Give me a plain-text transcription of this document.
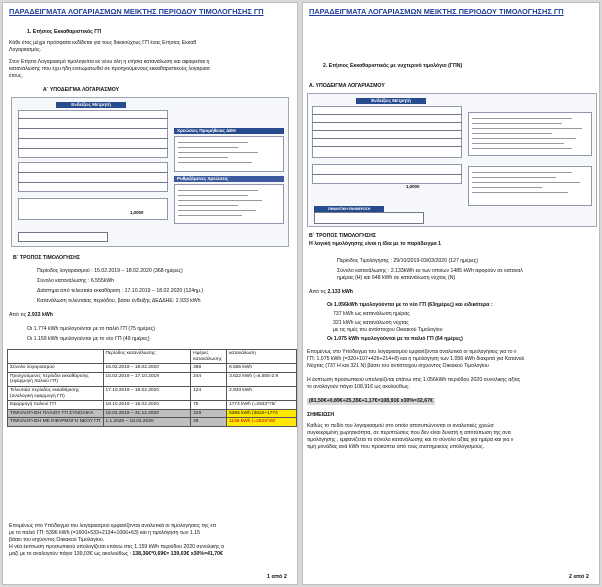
ΠΑΡΑΔΕΙΓΜΑΤΑ ΛΟΓΑΡΙΑΣΜΩΝ ΜΕΙΚΤΗΣ ΠΕΡΙΟΔΟΥ ΤΙΜΟΛΟΓΗΣΗΣ ΓΠ
1. Ετήσιος Εκκαθαριστικός ΓΠ
Κάθε έτος μέχρι πρόσφατα εκδίδεται για τους δικαιούχους ΓΠ ένας Ετήσιος Εκκαθ
Λογαριασμός.
Στον Ετήσιο Λογαριασμό τιμολογείται εκ νέου όλη η ετήσια κατανάλωση και αφαιρείται η
κατανάλωσης που έχει ήδη ενσωματωθεί σε προηγούμενους εκκαθαριστικούς λογαριασ
έτους.
Α΄ ΥΠΟΔΕΙΓΜΑ ΛΟΓΑΡΙΑΣΜΟΥ
Ενδείξεις Μετρητή
Χρεώσεις Προμήθειας ΔΕΗ
Ρυθμιζόμενες Χρεώσεις
1,0000
Β΄ ΤΡΟΠΟΣ ΤΙΜΟΛΟΓΗΣΗΣ
• Περίοδος λογαριασμού : 15.02.2019 – 18.02.2020 (368 ημέρες)
• Σύνολο κατανάλωσης : 6.555kWh
• Διάστημα από τελευταία εκκαθάριση : 17.10.2019 – 18.02.2020 (124ημ.)
• Κατανάλωση τελευταίας περιόδου, βάσει ένδειξης ΔΕΔΔΗΕ: 2.933 kWh
Από τις 2.933 kWh
• Οι 1.774 kWh τιμολογούνται με το παλιό ΓΠ (75 ημέρες)
• Οι 1.159 kWh τιμολογούνται με το νέο ΓΠ (49 ημέρες)
	Περίοδος κατανάλωσης	Ημέρες κατανάλωσης	κατανάλωση
Σύνολο λογαριασμού	15.02.2019 – 18.02.2020	368	6.555 kWh
Προηγούμενες περίοδοι εκκαθάρισης (εφαρμογή παλιού ΓΠ)	15.02.2019 – 17.10.2019	244	3.622 kWh (=6.555-2.9
Τελευταία περίοδος εκκαθάρισης (αναλογική εφαρμογή ΓΠ)	17.10.2019 – 18.02.2020	124	2.933 kWh
Εφαρμογή παλιού ΓΠ	18.10.2019 – 18.02.2020	75	1774 kWh (=2933*75/
ΤΙΜΟΛΟΓΗΣΗ ΠΑΛΙΟΥ ΓΠ ΣΥΝΟΛΙΚΑ	15.02.2019 – 31.12.2020	319	5396 kWh (3622+1774
ΤΙΜΟΛΟΓΗΣΗ ΜΕ ΕΦΑΡΜΟΓΗ ΝΕΟΥ ΓΠ	1.1.2020 – 18.02.2020	49	1159 kWh (=2933*49/
Επομένως στο Υπόδειγμα του λογαριασμού εμφανίζονται αναλυτικά οι τιμολογήσεις της επ
με το παλιό ΓΠ: 5396 kWh (=1600+533+2134+1066+63) και η τιμολόγηση των 1.15
βάσει του ισχύοντος Οικιακού Τιμολογίου.
Η νέα έκπτωση προσωπικού υπολογίζεται επάνω στις 1.159 kWh περιόδου 2020 συνολικής α
μαζί με το αναλογούν πάγιο 139,03€ ως ακολούθως : 138,36€*0,69€= 139,03€ x30%=41,70€
1 από 2
ΠΑΡΑΔΕΙΓΜΑΤΑ ΛΟΓΑΡΙΑΣΜΩΝ ΜΕΙΚΤΗΣ ΠΕΡΙΟΔΟΥ ΤΙΜΟΛΟΓΗΣΗΣ ΓΠ
2. Ετήσιος Εκκαθαριστικός με νυχτερινό τιμολόγιο (ΓΠΝ)
Α. ΥΠΟΔΕΙΓΜΑ ΛΟΓΑΡΙΑΣΜΟΥ
Ενδείξεις Μετρητή
1,0000
ΣΗΜΑΝΤΙΚΗ ΕΝΗΜΕΡΩΣΗ
Β΄ ΤΡΟΠΟΣ ΤΙΜΟΛΟΓΗΣΗΣ
Η λογική τιμολόγησης είναι η ίδια με το παράδειγμα 1
• Περίοδος Τιμολόγησης : 29/10/2019-03/03/2020 (127 ημέρες)
• Σύνολο κατανάλωσης : 2.133kWh εκ των οποίων 1485 kWh αφορούν σε καταναλ
ημέρας (Η) και 648 kWh σε κατανάλωση νύχτας (Ν)
Από τις 2.133 kWh
• Οι 1.056kWh τιμολογούνται με το νέο ΓΠ (63ημέρες) και ειδικότερα :
737 kWh ως κατανάλωση ημέρας
321 kWh ως κατανάλωση νύχτας
με τις τιμές του αντίστοιχου Οικιακού Τιμολογίου
• Οι 1.075 kWh τιμολογούνται με το παλιό ΓΠ (64 ημέρες)
Επομένως στο Υπόδειγμα του λογαριασμού εμφανίζονται αναλυτικά οι τιμολογήσεις για το ν
ΓΠ: 1.075 kWh (=320+107+426+214+8) και η τιμολόγηση των 1.056 kWh διακριτά για Καταναλ
Νύχτας (737 Η και 321 Ν) βάσει του αντίστοιχου ισχύοντος Οικιακού Τιμολογίου
Η έκπτωση προσωπικού υπολογίζεται επάνω στις 1.056kWh περιόδου 2020 συνολικής αξίας
το αναλογούν πάγιο 108,91€ ως ακολούθως:
(81,50€+0,89€+25,35€+1,17€=108,91€ x30%=32,67€
ΣΗΜΕΙΩΣΗ
Καθώς το πεδίο του λογαριασμού στο οποίο αποτυπώνονται οι αναλυτικές χρεώσ
συγκεκριμένη χωρητικότητα, σε περιπτώσεις που δεν είναι δυνατή η αποτύπωση της ανα
τιμολόγησης , εμφανίζεται το σύνολο κατανάλωσης και το σύνολο αξίας για ημέρα και για ν
τιμή μονάδας ανά kWh που προκύπτει από τους συστημικούς υπολογισμούς.
2 από 2
